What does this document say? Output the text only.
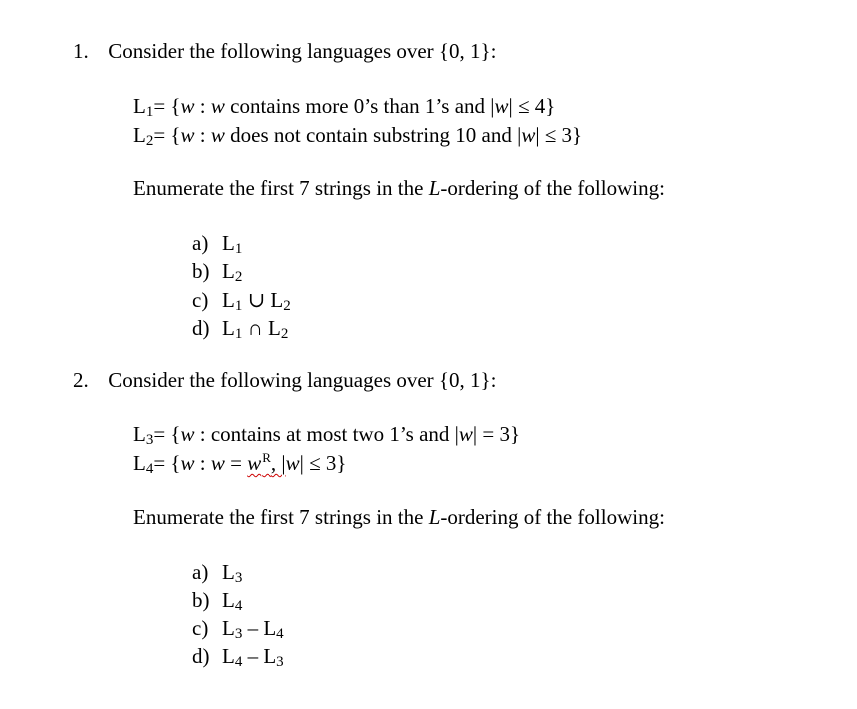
1. Consider the following languages over {0, 1}:
$L_1= \{w$ : w contains more 0’s than 1’s and |w| ≤ 4}
$L_2= \{w$ : w does not contain substring 10 and |w| ≤ 3}
Enumerate the first 7 strings in the L-ordering of the following:
a) $L_1$
b) $L_2$
c) $L_1$ ∪ $L_2$
d) $L_1$ ∩ $L_2$
2. Consider the following languages over {0, 1}:
$L_3= \{w$ : contains at most two 1’s and |w| = 3}
$L_4= \{w$ : $w = w^R$, |w| ≤ 3}
Enumerate the first 7 strings in the L-ordering of the following:
a) $L_3$
b) $L_4$
c) $L_3 - L_4$
d) $L_4 - L_3$
